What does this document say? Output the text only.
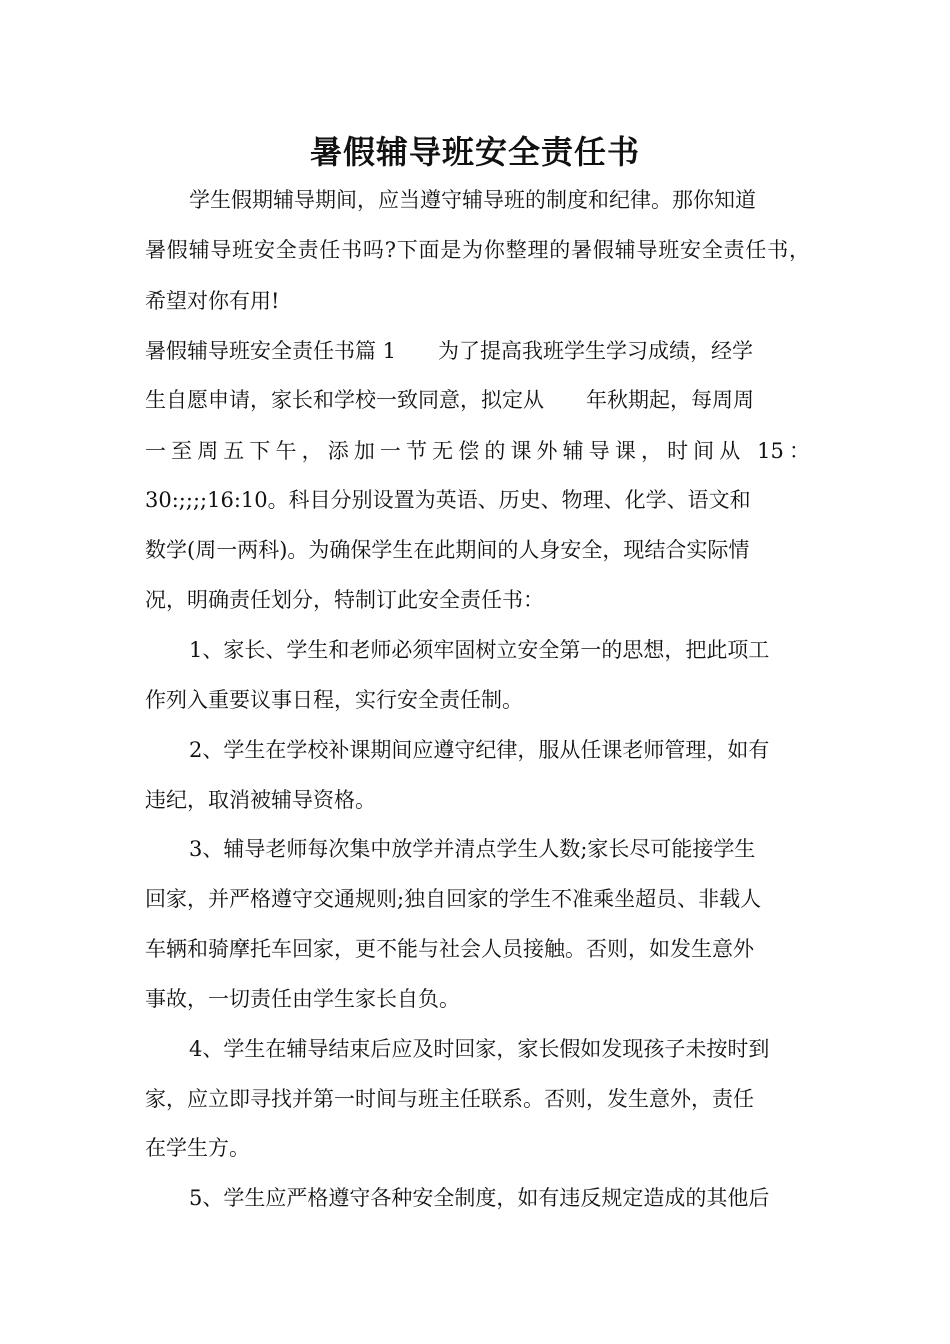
暑假辅导班安全责任书
学生假期辅导期间，应当遵守辅导班的制度和纪律。那你知道
暑假辅导班安全责任书吗?下面是为你整理的暑假辅导班安全责任书，
希望对你有用!
暑假辅导班安全责任书篇 1　　为了提高我班学生学习成绩，经学
生自愿申请，家长和学校一致同意，拟定从　　年秋期起，每周周
一至周五下午，添加一节无偿的课外辅导课，时间从 15：
30:;;;;16:10。科目分别设置为英语、历史、物理、化学、语文和
数学(周一两科)。为确保学生在此期间的人身安全，现结合实际情
况，明确责任划分，特制订此安全责任书：
1、家长、学生和老师必须牢固树立安全第一的思想，把此项工
作列入重要议事日程，实行安全责任制。
2、学生在学校补课期间应遵守纪律，服从任课老师管理，如有
违纪，取消被辅导资格。
3、辅导老师每次集中放学并清点学生人数;家长尽可能接学生
回家，并严格遵守交通规则;独自回家的学生不准乘坐超员、非载人
车辆和骑摩托车回家，更不能与社会人员接触。否则，如发生意外
事故，一切责任由学生家长自负。
4、学生在辅导结束后应及时回家，家长假如发现孩子未按时到
家，应立即寻找并第一时间与班主任联系。否则，发生意外，责任
在学生方。
5、学生应严格遵守各种安全制度，如有违反规定造成的其他后
